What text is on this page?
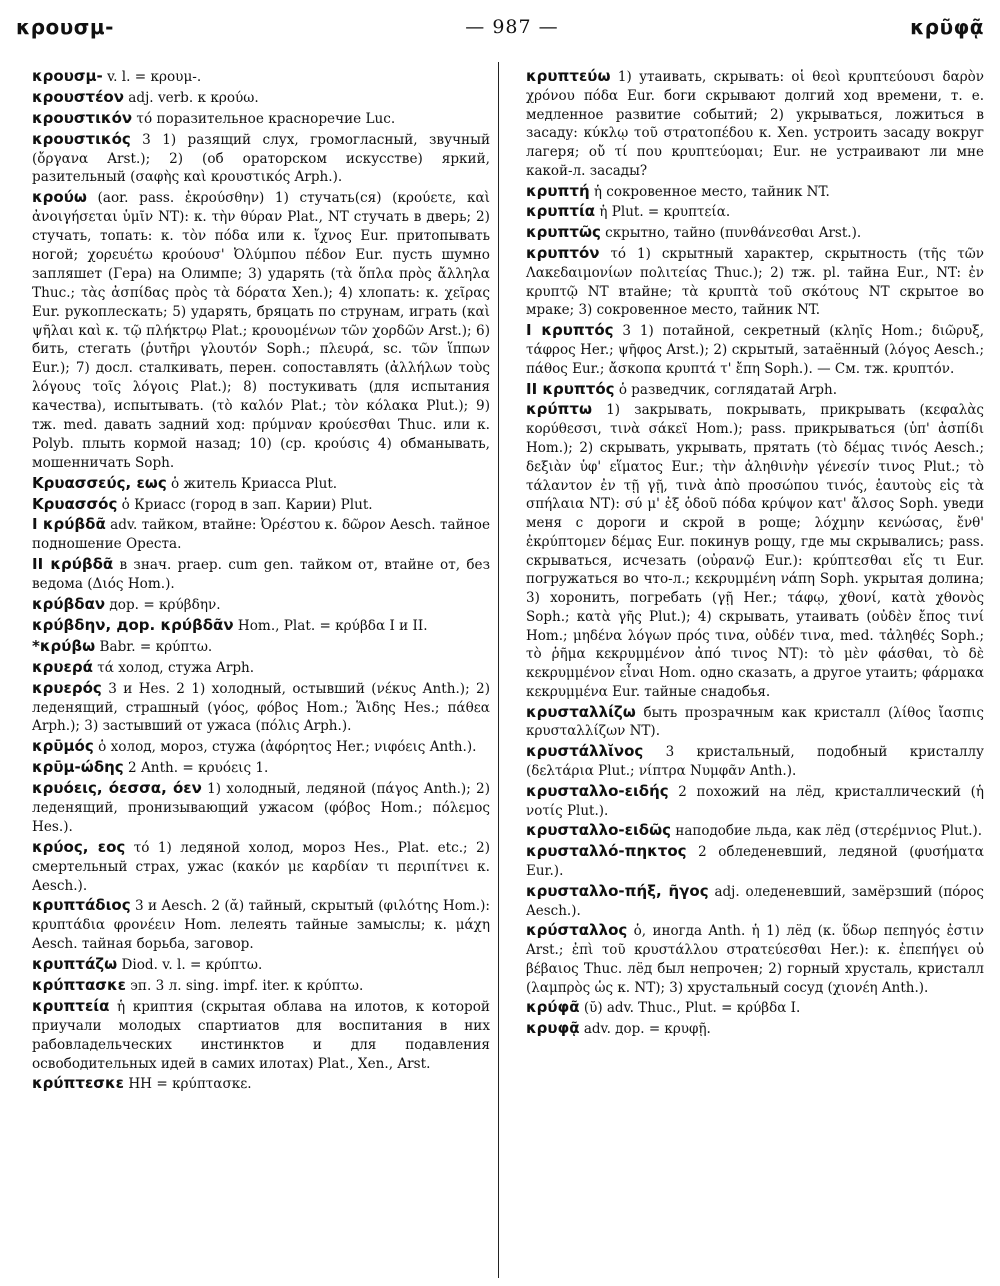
κρουσμ-	— 987 —	κρῦφᾷ

κρουσμ- v. l. = κρουμ-.

κρουστέον adj. verb. к κρούω.

κρουστικόν τό поразительное красноречие Luc.

κρουστικός 3 1) разящий слух, громогласный, звучный (ὄργανα Arst.); 2) (об ораторском искусстве) яркий, разительный (σαφὴς καὶ κρουστικός Arph.).

κρούω (aor. pass. ἐκρούσθην) 1) стучать(ся) (κρούετε, καὶ ἀνοιγήσεται ὑμῖν NT): κ. τὴν θύραν Plat., NT стучать в дверь; 2) стучать, топать: κ. τὸν πόδα или κ. ἴχνος Eur. притопывать ногой; χορευέτω κρούουσ' Ὀλύμπου πέδον Eur. пусть шумно запляшет (Гера) на Олимпе; 3) ударять (τὰ ὅπλα πρὸς ἄλληλα Thuc.; τὰς ἀσπίδας πρὸς τὰ δόρατα Xen.); 4) хлопать: κ. χεῖρας Eur. рукоплескать; 5) ударять, бряцать по струнам, играть (καὶ ψῆλαι καὶ κ. τῷ πλήκτρῳ Plat.; κρουομένων τῶν χορδῶν Arst.); 6) бить, стегать (ῥυτῆρι γλουτόν Soph.; πλευρά, sc. τῶν ἵππων Eur.); 7) досл. сталкивать, перен. сопоставлять (ἀλλήλων τοὺς λόγους τοῖς λόγοις Plat.); 8) постукивать (для испытания качества), испытывать. (τὸ καλόν Plat.; τὸν κόλακα Plut.); 9) тж. med. давать задний ход: πρύμναν κρούεσθαι Thuc. или κ. Polyb. плыть кормой назад; 10) (ср. κρούσις 4) обманывать, мошенничать Soph.

Κρυασσεύς, εως ὁ житель Криасса Plut.

Κρυασσός ὁ Криасс (город в зап. Карии) Plut.

I κρύβδᾶ adv. тайком, втайне: Ὀρέστου κ. δῶρον Aesch. тайное подношение Ореста.

II κρύβδᾶ в знач. praep. cum gen. тайком от, втайне от, без ведома (Διός Hom.).

κρύβδαν дор. = κρύβδην.

κρύβδην, дор. κρύβδᾶν Hom., Plat. = κρύβδα I и II.

*κρύβω Babr. = κρύπτω.

κρυερά τά холод, стужа Arph.

κρυερός 3 и Hes. 2 1) холодный, остывший (νέκυς Anth.); 2) леденящий, страшный (γόος, φόβος Hom.; Ἅιδης Hes.; πάθεα Arph.); 3) застывший от ужаса (πόλις Arph.).

κρῡμός ὁ холод, мороз, стужа (ἀφόρητος Her.; νιφόεις Anth.).

κρῡμ-ώδης 2 Anth. = κρυόεις 1.

κρυόεις, όεσσα, όεν 1) холодный, ледяной (πάγος Anth.); 2) леденящий, пронизывающий ужасом (φόβος Hom.; πόλεμος Hes.).

κρύος, εος τό 1) ледяной холод, мороз Hes., Plat. etc.; 2) смертельный страх, ужас (κακόν με καρδίαν τι περιπίτνει κ. Aesch.).

κρυπτάδιος 3 и Aesch. 2 (ᾰ) тайный, скрытый (φιλότης Hom.): κρυπτάδια φρονέειν Hom. лелеять тайные замыслы; κ. μάχη Aesch. тайная борьба, заговор.

κρυπτάζω Diod. v. l. = κρύπτω.

κρύπτασκε эп. 3 л. sing. impf. iter. к κρύπτω.

κρυπτεία ἡ криптия (скрытая облава на илотов, к которой приучали молодых спартиатов для воспитания в них рабовладельческих инстинктов и для подавления освободительных идей в самих илотах) Plat., Xen., Arst.

κρύπτεσκε HH = κρύπτασκε.

κρυπτεύω 1) утаивать, скрывать: οἱ θεοὶ κρυπτεύουσι δαρὸν χρόνου πόδα Eur. боги скрывают долгий ход времени, т. е. медленное развитие событий; 2) укрываться, ложиться в засаду: κύκλῳ τοῦ στρατοπέδου κ. Xen. устроить засаду вокруг лагеря; οὔ τί που κρυπτεύομαι; Eur. не устраивают ли мне какой-л. засады?

κρυπτή ἡ сокровенное место, тайник NT.

κρυπτία ἡ Plut. = κρυπτεία.

κρυπτῶς скрытно, тайно (πυνθάνεσθαι Arst.).

κρυπτόν τό 1) скрытный характер, скрытность (τῆς τῶν Λακεδαιμονίων πολιτείας Thuc.); 2) тж. pl. тайна Eur., NT: ἐν κρυπτῷ NT втайне; τὰ κρυπτὰ τοῦ σκότους NT скрытое во мраке; 3) сокровенное место, тайник NT.

I κρυπτός 3 1) потайной, секретный (κληῖς Hom.; διῶρυξ, τάφρος Her.; ψῆφος Arst.); 2) скрытый, затаённый (λόγος Aesch.; πάθος Eur.; ἄσκοπα κρυπτά τ' ἔπη Soph.). — См. тж. κρυπτόν.

II κρυπτός ὁ разведчик, соглядатай Arph.

κρύπτω 1) закрывать, покрывать, прикрывать (κεφαλὰς κορύθεσσι, τινὰ σάκεϊ Hom.); pass. прикрываться (ὑπ' ἀσπίδι Hom.); 2) скрывать, укрывать, прятать (τὸ δέμας τινός Aesch.; δεξιὰν ὑφ' εἵματος Eur.; τὴν ἀληθινὴν γένεσίν τινος Plut.; τὸ τάλαντον ἐν τῇ γῇ, τινὰ ἀπὸ προσώπου τινός, ἑαυτοὺς εἰς τὰ σπήλαια NT): σύ μ' ἐξ ὁδοῦ πόδα κρύψον κατ' ἄλσος Soph. уведи меня с дороги и скрой в роще; λόχμην κενώσας, ἔνθ' ἐκρύπτομεν δέμας Eur. покинув рощу, где мы скрывались; pass. скрываться, исчезать (οὐρανῷ Eur.): κρύπτεσθαι εἴς τι Eur. погружаться во что-л.; κεκρυμμένη νάπη Soph. укрытая долина; 3) хоронить, погребать (γῇ Her.; τάφῳ, χθονί, κατὰ χθονὸς Soph.; κατὰ γῆς Plut.); 4) скрывать, утаивать (οὐδὲν ἔπος τινί Hom.; μηδένα λόγων πρός τινα, οὐδέν τινα, med. τἀληθές Soph.; τὸ ῥῆμα κεκρυμμένον ἀπό τινος NT): τὸ μὲν φάσθαι, τὸ δὲ κεκρυμμένον εἶναι Hom. одно сказать, а другое утаить; φάρμακα κεκρυμμένα Eur. тайные снадобья.

κρυσταλλίζω быть прозрачным как кристалл (λίθος ἴασπις κρυσταλλίζων NT).

κρυστάλλῐνος 3 кристальный, подобный кристаллу (δελτάρια Plut.; νίπτρα Νυμφᾶν Anth.).

κρυσταλλο-ειδής 2 похожий на лёд, кристаллический (ἡ νοτίς Plut.).

κρυσταλλο-ειδῶς наподобие льда, как лёд (στερέμνιος Plut.).

κρυσταλλό-πηκτος 2 обледеневший, ледяной (φυσήματα Eur.).

κρυσταλλο-πήξ, ῆγος adj. оледеневший, замёрзший (πόρος Aesch.).

κρύσταλλος ὁ, иногда Anth. ἡ 1) лёд (κ. ὕδωρ πεπηγός ἐστιν Arst.; ἐπὶ τοῦ κρυστάλλου στρατεύεσθαι Her.): κ. ἐπεπήγει οὐ βέβαιος Thuc. лёд был непрочен; 2) горный хрусталь, кристалл (λαμπρὸς ὡς κ. NT); 3) хрустальный сосуд (χιονέη Anth.).

κρύφᾶ (ῠ) adv. Thuc., Plut. = κρύβδα I.

κρυφᾷ adv. дор. = κρυφῇ.
